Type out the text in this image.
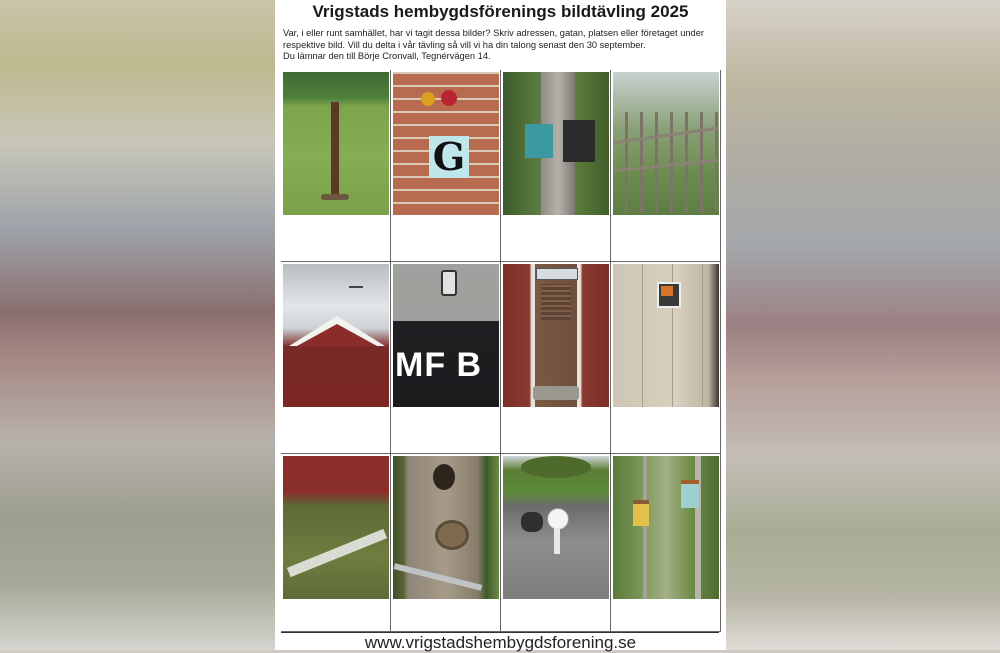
Vrigstads hembygdsförenings bildtävling 2025

Var, i eller runt samhället, har vi tagit dessa bilder? Skriv adressen, gatan, platsen eller företaget under respektive bild. Vill du delta i vår tävling så vill vi ha din talong senast den 30 september.

Du lämnar den till Börje Cronvall, Tegnérvägen 14.

G
MF B
www.vrigstadshembygdsforening.se
